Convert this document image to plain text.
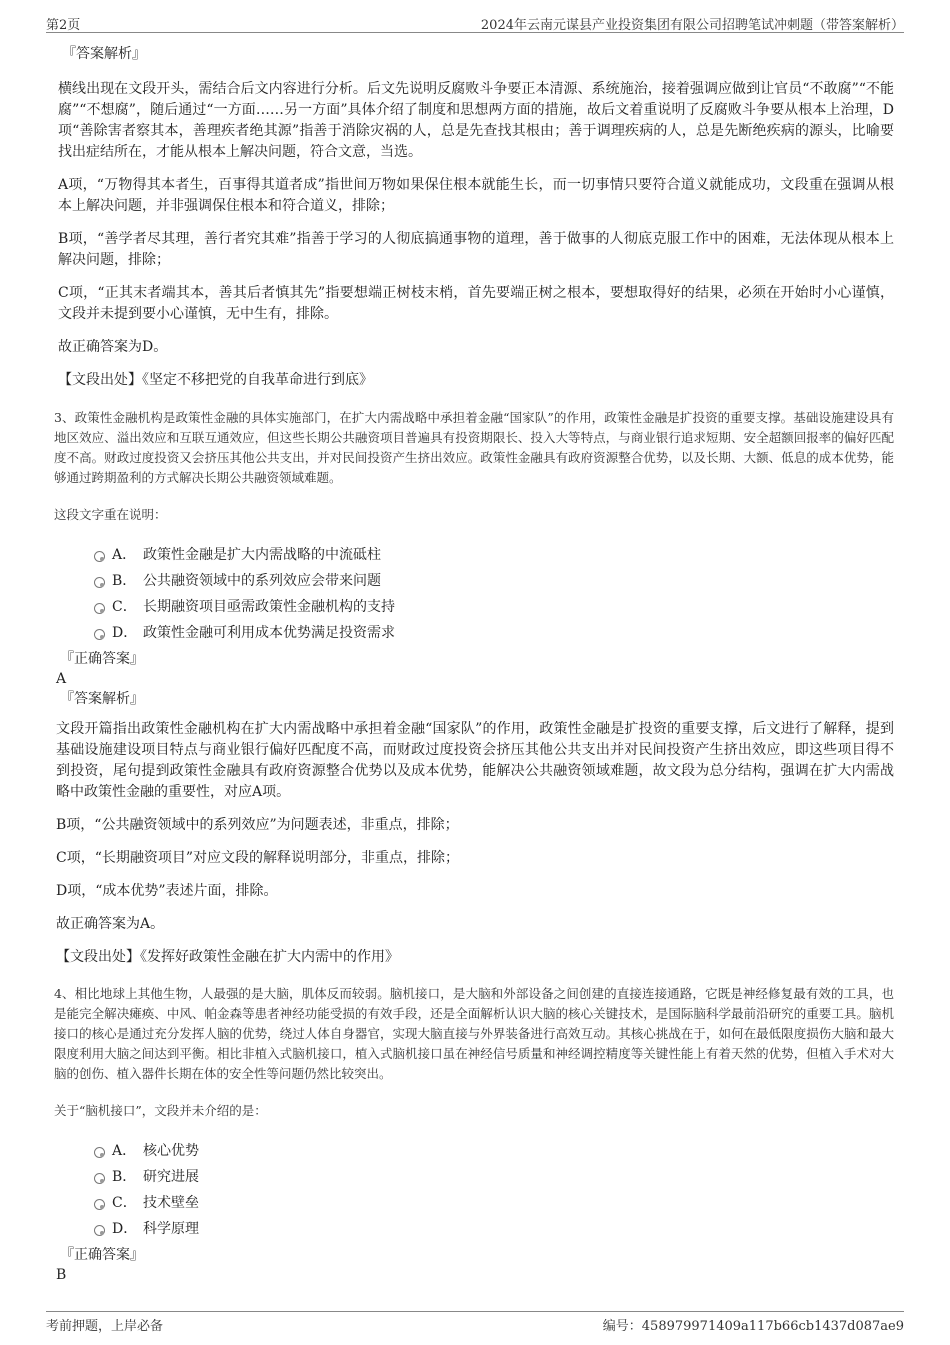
第2页	2024年云南元谋县产业投资集团有限公司招聘笔试冲刺题（带答案解析）

『答案解析』

横线出现在文段开头，需结合后文内容进行分析。后文先说明反腐败斗争要正本清源、系统施治，接着强调应做到让官员“不敢腐”“不能腐”“不想腐”，随后通过“一方面……另一方面”具体介绍了制度和思想两方面的措施，故后文着重说明了反腐败斗争要从根本上治理，D项“善除害者察其本，善理疾者绝其源”指善于消除灾祸的人，总是先查找其根由；善于调理疾病的人，总是先断绝疾病的源头，比喻要找出症结所在，才能从根本上解决问题，符合文意，当选。

A项，“万物得其本者生，百事得其道者成”指世间万物如果保住根本就能生长，而一切事情只要符合道义就能成功，文段重在强调从根本上解决问题，并非强调保住根本和符合道义，排除；

B项，“善学者尽其理，善行者究其难”指善于学习的人彻底搞通事物的道理，善于做事的人彻底克服工作中的困难，无法体现从根本上解决问题，排除；

C项，“正其末者端其本，善其后者慎其先”指要想端正树枝末梢，首先要端正树之根本，要想取得好的结果，必须在开始时小心谨慎，文段并未提到要小心谨慎，无中生有，排除。

故正确答案为D。

【文段出处】《坚定不移把党的自我革命进行到底》

3、政策性金融机构是政策性金融的具体实施部门，在扩大内需战略中承担着金融“国家队”的作用，政策性金融是扩投资的重要支撑。基础设施建设具有地区效应、溢出效应和互联互通效应，但这些长期公共融资项目普遍具有投资期限长、投入大等特点，与商业银行追求短期、安全超额回报率的偏好匹配度不高。财政过度投资又会挤压其他公共支出，并对民间投资产生挤出效应。政策性金融具有政府资源整合优势，以及长期、大额、低息的成本优势，能够通过跨期盈利的方式解决长期公共融资领域难题。

这段文字重在说明：

A． 政策性金融是扩大内需战略的中流砥柱
B． 公共融资领域中的系列效应会带来问题
C． 长期融资项目亟需政策性金融机构的支持
D． 政策性金融可利用成本优势满足投资需求

『正确答案』

A

『答案解析』

文段开篇指出政策性金融机构在扩大内需战略中承担着金融“国家队”的作用，政策性金融是扩投资的重要支撑，后文进行了解释，提到基础设施建设项目特点与商业银行偏好匹配度不高，而财政过度投资会挤压其他公共支出并对民间投资产生挤出效应，即这些项目得不到投资，尾句提到政策性金融具有政府资源整合优势以及成本优势，能解决公共融资领域难题，故文段为总分结构，强调在扩大内需战略中政策性金融的重要性，对应A项。

B项，“公共融资领域中的系列效应”为问题表述，非重点，排除；

C项，“长期融资项目”对应文段的解释说明部分，非重点，排除；

D项，“成本优势”表述片面，排除。

故正确答案为A。

【文段出处】《发挥好政策性金融在扩大内需中的作用》

4、相比地球上其他生物，人最强的是大脑，肌体反而较弱。脑机接口，是大脑和外部设备之间创建的直接连接通路，它既是神经修复最有效的工具，也是能完全解决瘫痪、中风、帕金森等患者神经功能受损的有效手段，还是全面解析认识大脑的核心关键技术，是国际脑科学最前沿研究的重要工具。脑机接口的核心是通过充分发挥人脑的优势，绕过人体自身器官，实现大脑直接与外界装备进行高效互动。其核心挑战在于，如何在最低限度损伤大脑和最大限度利用大脑之间达到平衡。相比非植入式脑机接口，植入式脑机接口虽在神经信号质量和神经调控精度等关键性能上有着天然的优势，但植入手术对大脑的创伤、植入器件长期在体的安全性等问题仍然比较突出。

关于“脑机接口”，文段并未介绍的是：

A． 核心优势
B． 研究进展
C． 技术壁垒
D． 科学原理

『正确答案』

B

考前押题，上岸必备	编号：458979971409a117b66cb1437d087ae9
